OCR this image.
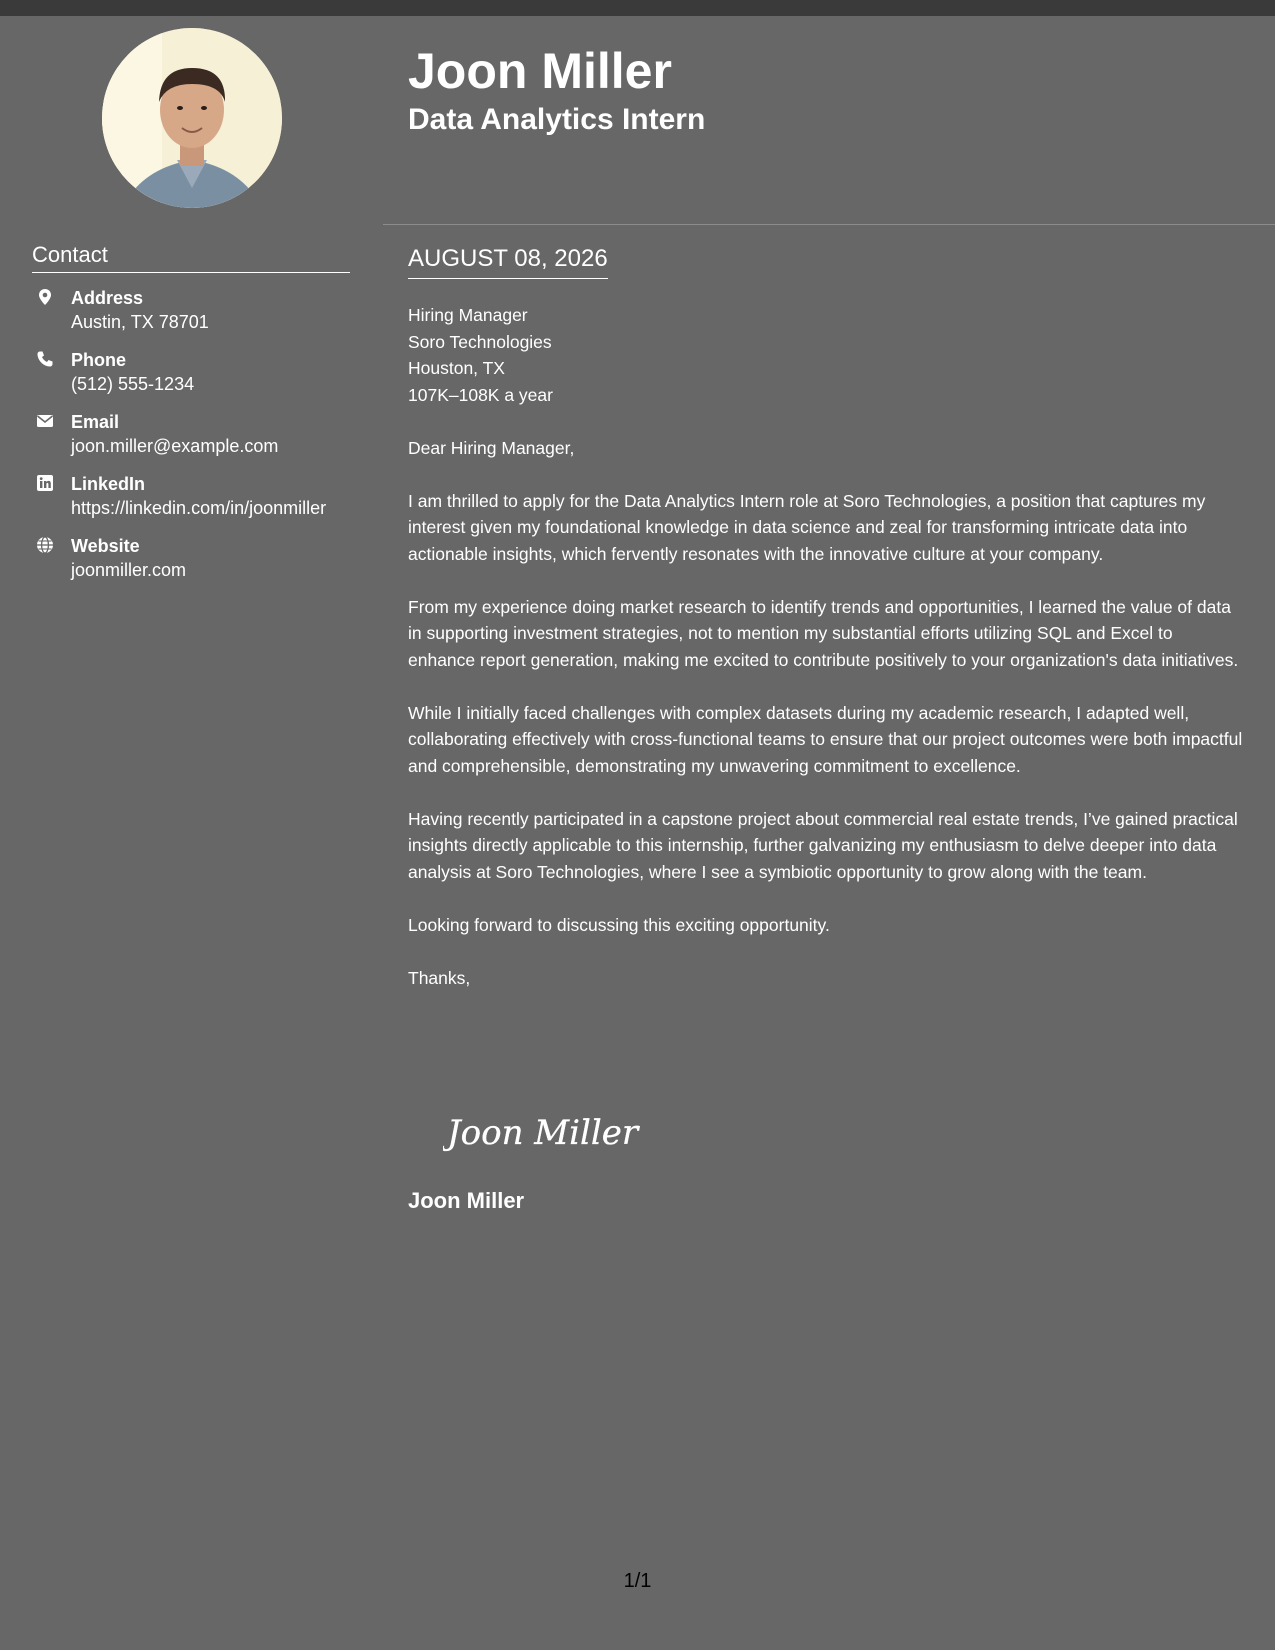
Contact
Address
Austin, TX 78701
Phone
(512) 555-1234
Email
joon.miller@example.com
LinkedIn
https://linkedin.com/in/joonmiller
Website
joonmiller.com
Joon Miller
Data Analytics Intern
AUGUST 08, 2026
Hiring Manager
Soro Technologies
Houston, TX
107K–108K a year

Dear Hiring Manager,

I am thrilled to apply for the Data Analytics Intern role at Soro Technologies, a position that captures my interest given my foundational knowledge in data science and zeal for transforming intricate data into actionable insights, which fervently resonates with the innovative culture at your company.

From my experience doing market research to identify trends and opportunities, I learned the value of data in supporting investment strategies, not to mention my substantial efforts utilizing SQL and Excel to enhance report generation, making me excited to contribute positively to your organization's data initiatives.

While I initially faced challenges with complex datasets during my academic research, I adapted well, collaborating effectively with cross-functional teams to ensure that our project outcomes were both impactful and comprehensible, demonstrating my unwavering commitment to excellence.

Having recently participated in a capstone project about commercial real estate trends, I’ve gained practical insights directly applicable to this internship, further galvanizing my enthusiasm to delve deeper into data analysis at Soro Technologies, where I see a symbiotic opportunity to grow along with the team.

Looking forward to discussing this exciting opportunity.

Thanks,

Joon Miller
Joon Miller
1/1
